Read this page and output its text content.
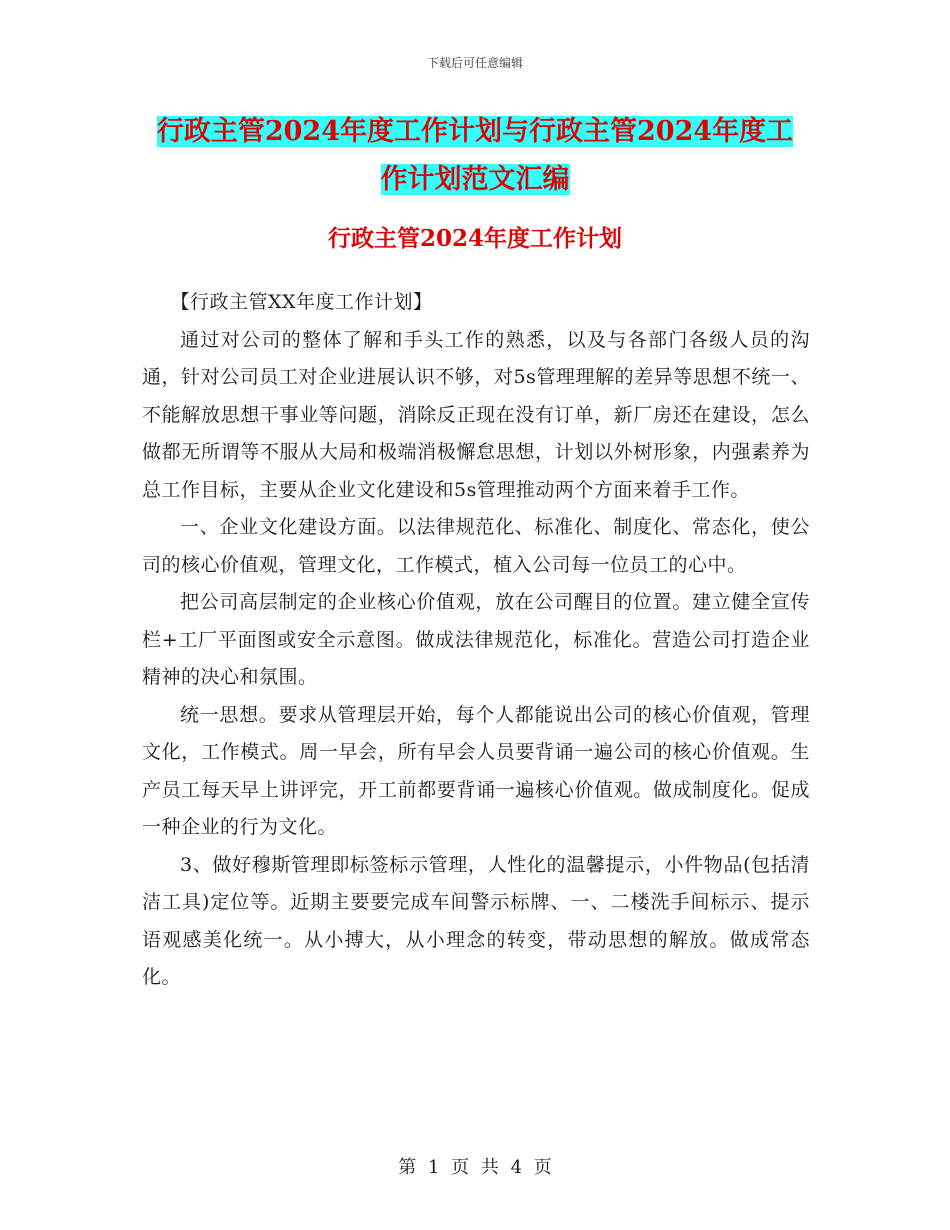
下载后可任意编辑
行政主管2024年度工作计划与行政主管2024年度工
作计划范文汇编
行政主管2024年度工作计划

【行政主管XX年度工作计划】

通过对公司的整体了解和手头工作的熟悉，以及与各部门各级人员的沟通，针对公司员工对企业进展认识不够，对5s管理理解的差异等思想不统一、不能解放思想干事业等问题，消除反正现在没有订单，新厂房还在建设，怎么做都无所谓等不服从大局和极端消极懈怠思想，计划以外树形象，内强素养为总工作目标，主要从企业文化建设和5s管理推动两个方面来着手工作。

一、企业文化建设方面。以法律规范化、标准化、制度化、常态化，使公司的核心价值观，管理文化，工作模式，植入公司每一位员工的心中。

把公司高层制定的企业核心价值观，放在公司醒目的位置。建立健全宣传栏+工厂平面图或安全示意图。做成法律规范化，标准化。营造公司打造企业精神的决心和氛围。

统一思想。要求从管理层开始，每个人都能说出公司的核心价值观，管理文化，工作模式。周一早会，所有早会人员要背诵一遍公司的核心价值观。生产员工每天早上讲评完，开工前都要背诵一遍核心价值观。做成制度化。促成一种企业的行为文化。

3、做好穆斯管理即标签标示管理，人性化的温馨提示，小件物品(包括清洁工具)定位等。近期主要要完成车间警示标牌、一、二楼洗手间标示、提示语观感美化统一。从小搏大，从小理念的转变，带动思想的解放。做成常态化。

第 1 页 共 4 页
